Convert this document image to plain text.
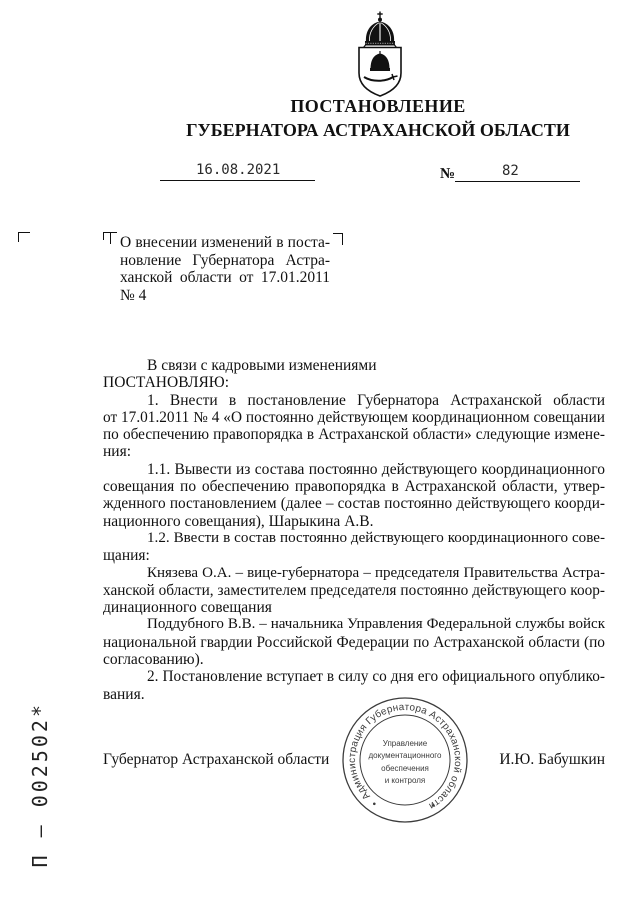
ПОСТАНОВЛЕНИЕ
ГУБЕРНАТОРА АСТРАХАНСКОЙ ОБЛАСТИ
16.08.2021	№	82
О внесении изменений в поста-
новление Губернатора Астра-
ханской области от 17.01.2011
№ 4
В связи с кадровыми изменениями
ПОСТАНОВЛЯЮ:
1. Внести в постановление Губернатора Астраханской области
от 17.01.2011 № 4 «О постоянно действующем координационном совещании
по обеспечению правопорядка в Астраханской области» следующие измене-
ния:
1.1. Вывести из состава постоянно действующего координационного
совещания по обеспечению правопорядка в Астраханской области, утвер-
жденного постановлением (далее – состав постоянно действующего коорди-
национного совещания), Шарыкина А.В.
1.2. Ввести в состав постоянно действующего координационного сове-
щания:
Князева О.А. – вице-губернатора – председателя Правительства Астра-
ханской области, заместителем председателя постоянно действующего коор-
динационного совещания
Поддубного В.В. – начальника Управления Федеральной службы войск
национальной гвардии Российской Федерации по Астраханской области (по
согласованию).
2. Постановление вступает в силу со дня его официального опублико-
вания.
Губернатор Астраханской области	И.Ю. Бабушкин
Администрация Губернатора Астраханской области
Управление
документационного
обеспечения
и контроля
П – 002502*
